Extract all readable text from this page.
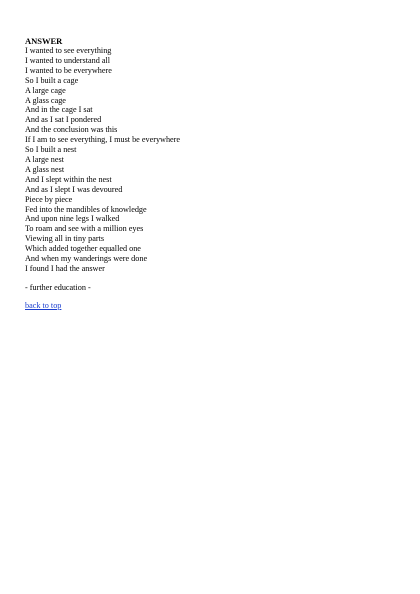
ANSWER
I wanted to see everything
I wanted to understand all
I wanted to be everywhere
So I built a cage
A large cage
A glass cage
And in the cage I sat
And as I sat I pondered
And the conclusion was this
If I am to see everything, I must be everywhere
So I built a nest
A large nest
A glass nest
And I slept within the nest
And as I slept I was devoured
Piece by piece
Fed into the mandibles of knowledge
And upon nine legs I walked
To roam and see with a million eyes
Viewing all in tiny parts
Which added together equalled one
And when my wanderings were done
I found I had the answer
- further education -
back to top
